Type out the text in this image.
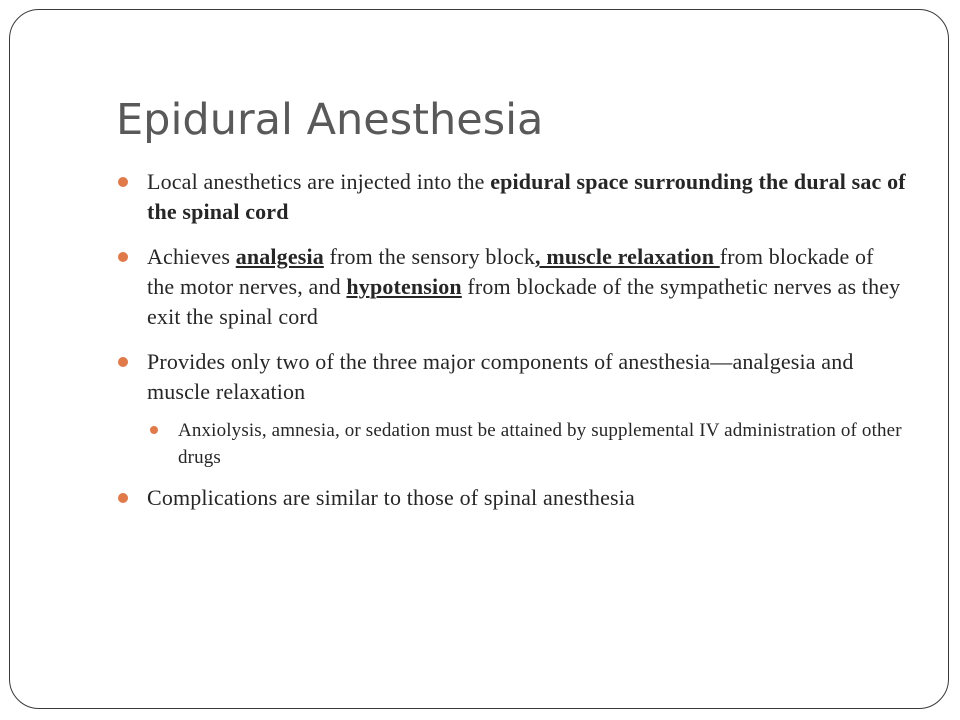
Epidural Anesthesia
Local anesthetics are injected into the epidural space surrounding the dural sac of the spinal cord
Achieves analgesia from the sensory block, muscle relaxation from blockade of the motor nerves, and hypotension from blockade of the sympathetic nerves as they exit the spinal cord
Provides only two of the three major components of anesthesia—analgesia and muscle relaxation
Anxiolysis, amnesia, or sedation must be attained by supplemental IV administration of other drugs
Complications are similar to those of spinal anesthesia
